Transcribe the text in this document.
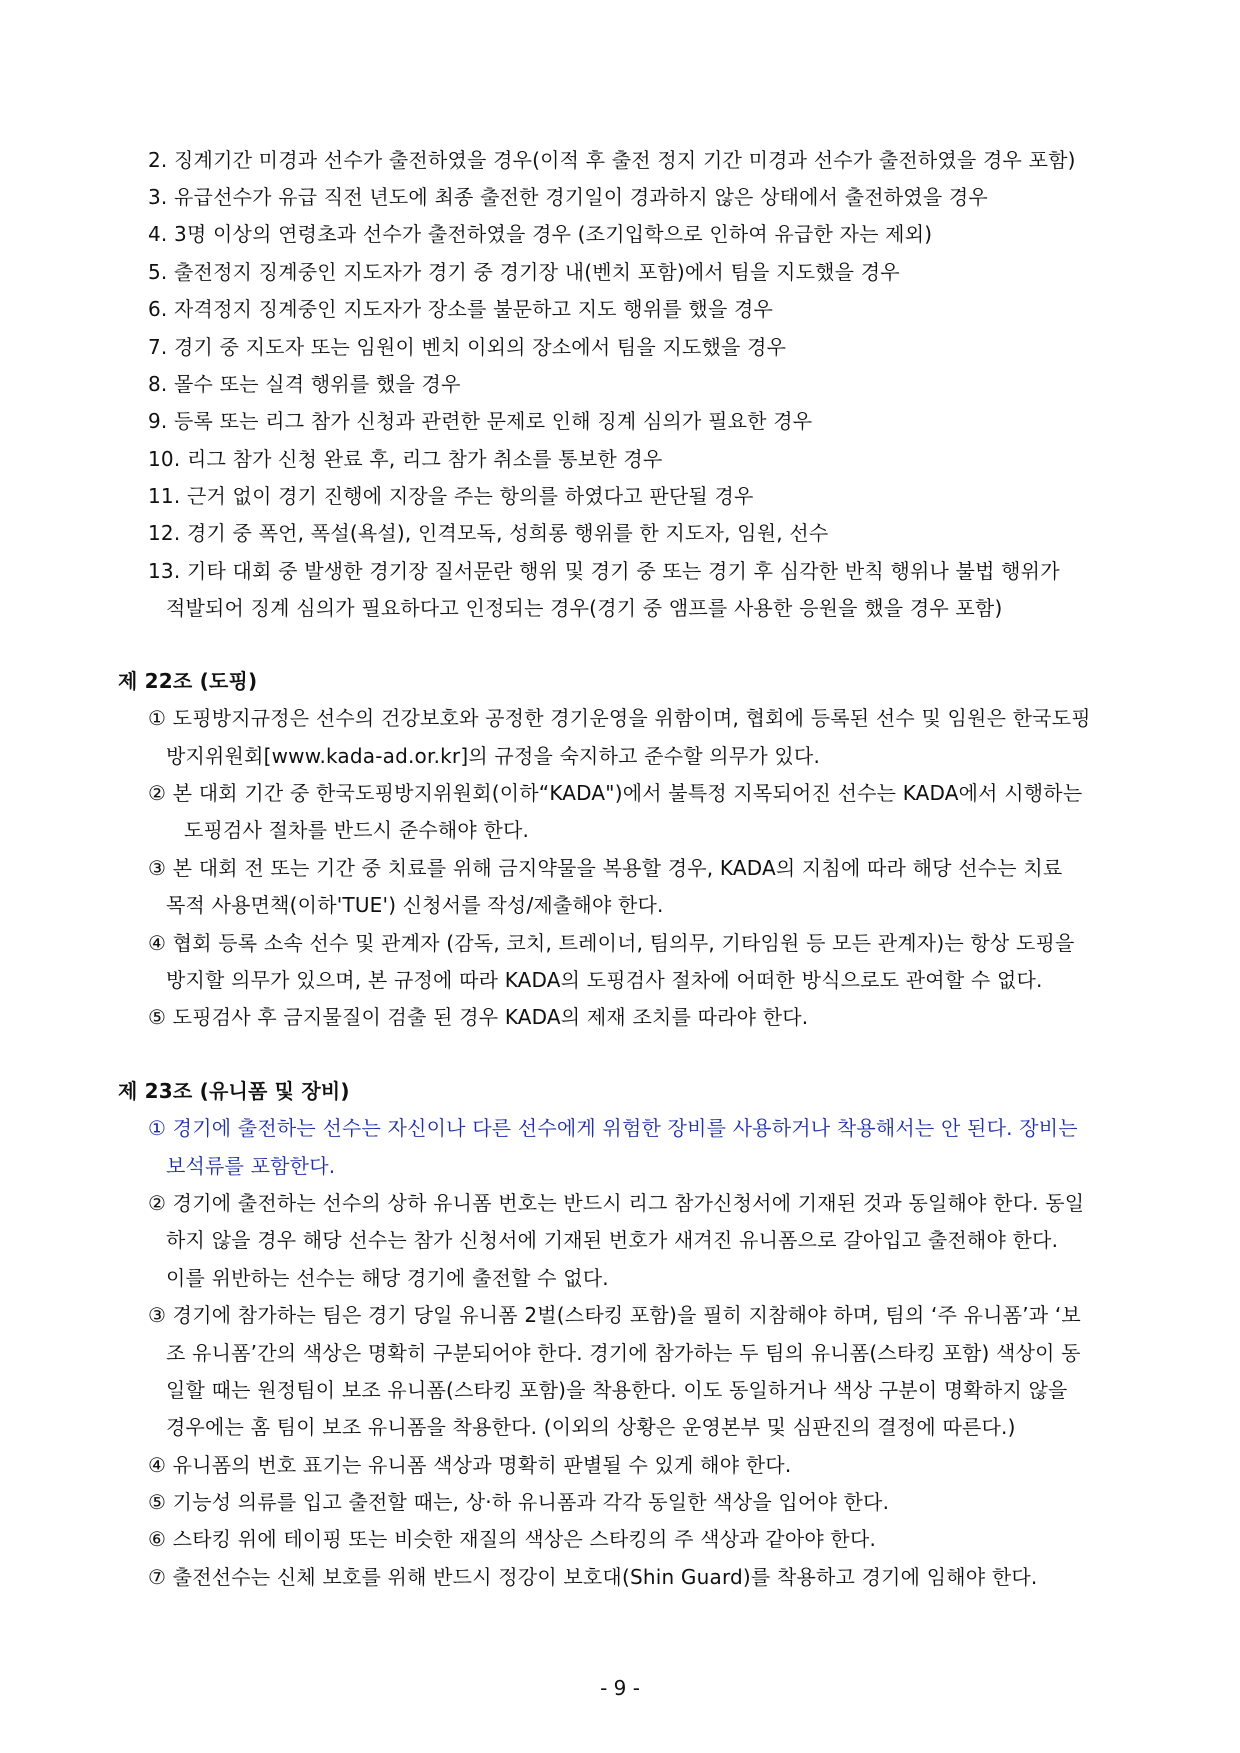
2. 징계기간 미경과 선수가 출전하였을 경우(이적 후 출전 정지 기간 미경과 선수가 출전하였을 경우 포함)
3. 유급선수가 유급 직전 년도에 최종 출전한 경기일이 경과하지 않은 상태에서 출전하였을 경우
4. 3명 이상의 연령초과 선수가 출전하였을 경우 (조기입학으로 인하여 유급한 자는 제외)
5. 출전정지 징계중인 지도자가 경기 중 경기장 내(벤치 포함)에서 팀을 지도했을 경우
6. 자격정지 징계중인 지도자가 장소를 불문하고 지도 행위를 했을 경우
7. 경기 중 지도자 또는 임원이 벤치 이외의 장소에서 팀을 지도했을 경우
8. 몰수 또는 실격 행위를 했을 경우
9. 등록 또는 리그 참가 신청과 관련한 문제로 인해 징계 심의가 필요한 경우
10. 리그 참가 신청 완료 후, 리그 참가 취소를 통보한 경우
11. 근거 없이 경기 진행에 지장을 주는 항의를 하였다고 판단될 경우
12. 경기 중 폭언, 폭설(욕설), 인격모독, 성희롱 행위를 한 지도자, 임원, 선수
13. 기타 대회 중 발생한 경기장 질서문란 행위 및 경기 중 또는 경기 후 심각한 반칙 행위나 불법 행위가
적발되어 징계 심의가 필요하다고 인정되는 경우(경기 중 앰프를 사용한 응원을 했을 경우 포함)
제 22조 (도핑)
① 도핑방지규정은 선수의 건강보호와 공정한 경기운영을 위함이며, 협회에 등록된 선수 및 임원은 한국도핑
방지위원회[www.kada-ad.or.kr]의 규정을 숙지하고 준수할 의무가 있다.
② 본 대회 기간 중 한국도핑방지위원회(이하“KADA")에서 불특정 지목되어진 선수는 KADA에서 시행하는
도핑검사 절차를 반드시 준수해야 한다.
③ 본 대회 전 또는 기간 중 치료를 위해 금지약물을 복용할 경우, KADA의 지침에 따라 해당 선수는 치료
목적 사용면책(이하'TUE') 신청서를 작성/제출해야 한다.
④ 협회 등록 소속 선수 및 관계자 (감독, 코치, 트레이너, 팀의무, 기타임원 등 모든 관계자)는 항상 도핑을
방지할 의무가 있으며, 본 규정에 따라 KADA의 도핑검사 절차에 어떠한 방식으로도 관여할 수 없다.
⑤ 도핑검사 후 금지물질이 검출 된 경우 KADA의 제재 조치를 따라야 한다.
제 23조 (유니폼 및 장비)
① 경기에 출전하는 선수는 자신이나 다른 선수에게 위험한 장비를 사용하거나 착용해서는 안 된다. 장비는
보석류를 포함한다.
② 경기에 출전하는 선수의 상하 유니폼 번호는 반드시 리그 참가신청서에 기재된 것과 동일해야 한다. 동일
하지 않을 경우 해당 선수는 참가 신청서에 기재된 번호가 새겨진 유니폼으로 갈아입고 출전해야 한다.
이를 위반하는 선수는 해당 경기에 출전할 수 없다.
③ 경기에 참가하는 팀은 경기 당일 유니폼 2벌(스타킹 포함)을 필히 지참해야 하며, 팀의 ‘주 유니폼’과 ‘보
조 유니폼’간의 색상은 명확히 구분되어야 한다. 경기에 참가하는 두 팀의 유니폼(스타킹 포함) 색상이 동
일할 때는 원정팀이 보조 유니폼(스타킹 포함)을 착용한다. 이도 동일하거나 색상 구분이 명확하지 않을
경우에는 홈 팀이 보조 유니폼을 착용한다. (이외의 상황은 운영본부 및 심판진의 결정에 따른다.)
④ 유니폼의 번호 표기는 유니폼 색상과 명확히 판별될 수 있게 해야 한다.
⑤ 기능성 의류를 입고 출전할 때는, 상·하 유니폼과 각각 동일한 색상을 입어야 한다.
⑥ 스타킹 위에 테이핑 또는 비슷한 재질의 색상은 스타킹의 주 색상과 같아야 한다.
⑦ 출전선수는 신체 보호를 위해 반드시 정강이 보호대(Shin Guard)를 착용하고 경기에 임해야 한다.
- 9 -
